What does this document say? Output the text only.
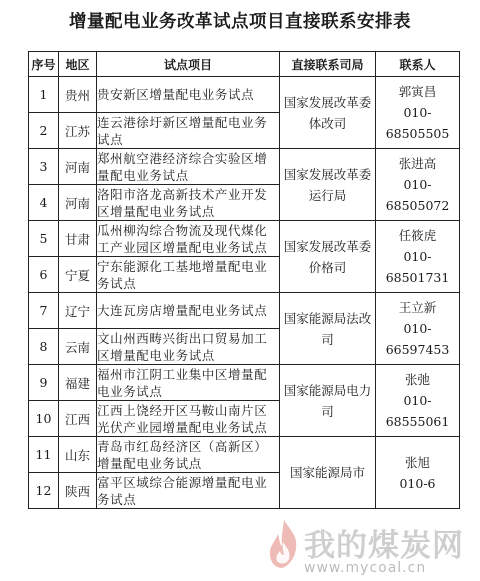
增量配电业务改革试点项目直接联系安排表
序号	地区	试点项目	直接联系司局	联系人
1	贵州	贵安新区增量配电业务试点	国家发展改革委体改司	郭寅昌
010-68505505

2	江苏	连云港徐圩新区增量配电业务试点		
3	河南	郑州航空港经济综合实验区增量配电业务试点	国家发展改革委运行局	张进高
010-68505072

4	河南	洛阳市洛龙高新技术产业开发区增量配电业务试点		
5	甘肃	瓜州柳沟综合物流及现代煤化工产业园区增量配电业务试点	国家发展改革委价格司	任筱虎
010-68501731

6	宁夏	宁东能源化工基地增量配电业务试点		
7	辽宁	大连瓦房店增量配电业务试点	国家能源局法改司	王立新
010-66597453

8	云南	文山州西畴兴街出口贸易加工区增量配电业务试点		
9	福建	福州市江阴工业集中区增量配电业务试点	国家能源局电力司	张弛
010-68555061

10	江西	江西上饶经开区马鞍山南片区光伏产业园增量配电业务试点		
11	山东	青岛市红岛经济区（高新区）增量配电业务试点	国家能源局市	张旭
010-6

12	陕西	富平区域综合能源增量配电业务试点		
我的煤炭网
www.mycoal.cn
